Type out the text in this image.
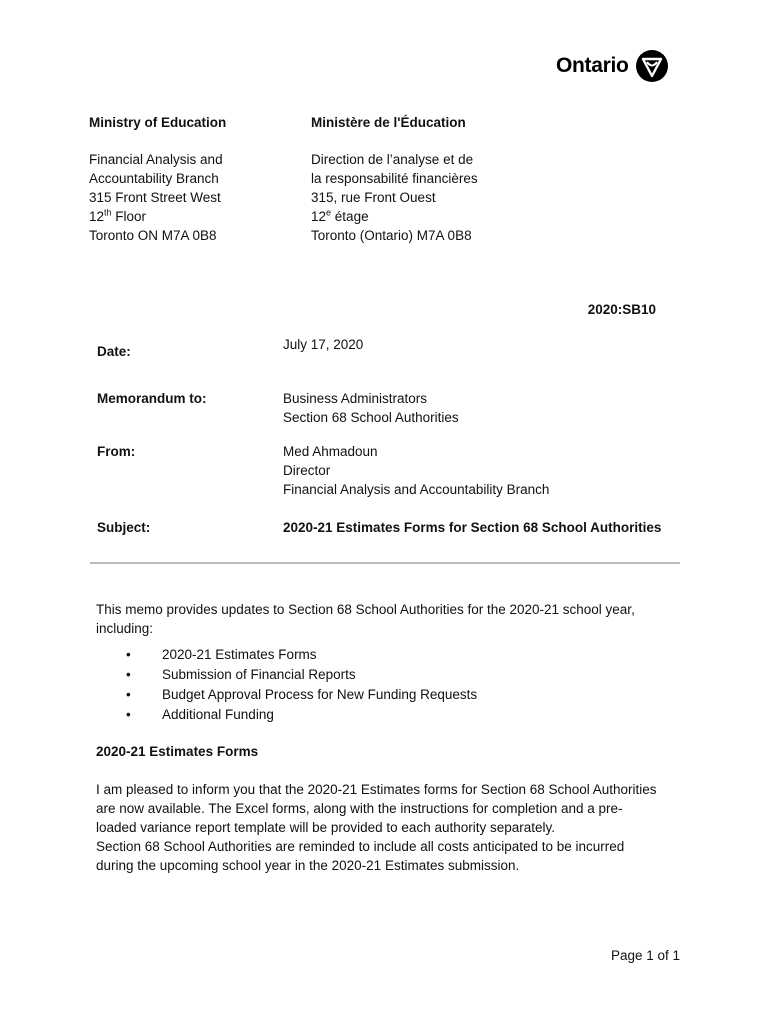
Ontario
Ministry of Education
Financial Analysis and
Accountability Branch
315 Front Street West
12th Floor
Toronto ON M7A 0B8
Ministère de l'Éducation
Direction de l’analyse et de
la responsabilité financières
315, rue Front Ouest
12e étage
Toronto (Ontario) M7A 0B8
2020:SB10
Date:	July 17, 2020
Memorandum to:	Business Administrators
Section 68 School Authorities
From:	Med Ahmadoun
Director
Financial Analysis and Accountability Branch
Subject:	2020-21 Estimates Forms for Section 68 School Authorities
This memo provides updates to Section 68 School Authorities for the 2020-21 school year,
including:
•	2020-21 Estimates Forms
•	Submission of Financial Reports
•	Budget Approval Process for New Funding Requests
•	Additional Funding
2020-21 Estimates Forms
I am pleased to inform you that the 2020-21 Estimates forms for Section 68 School Authorities
are now available. The Excel forms, along with the instructions for completion and a pre-
loaded variance report template will be provided to each authority separately.
Section 68 School Authorities are reminded to include all costs anticipated to be incurred
during the upcoming school year in the 2020-21 Estimates submission.
Page 1 of 1
